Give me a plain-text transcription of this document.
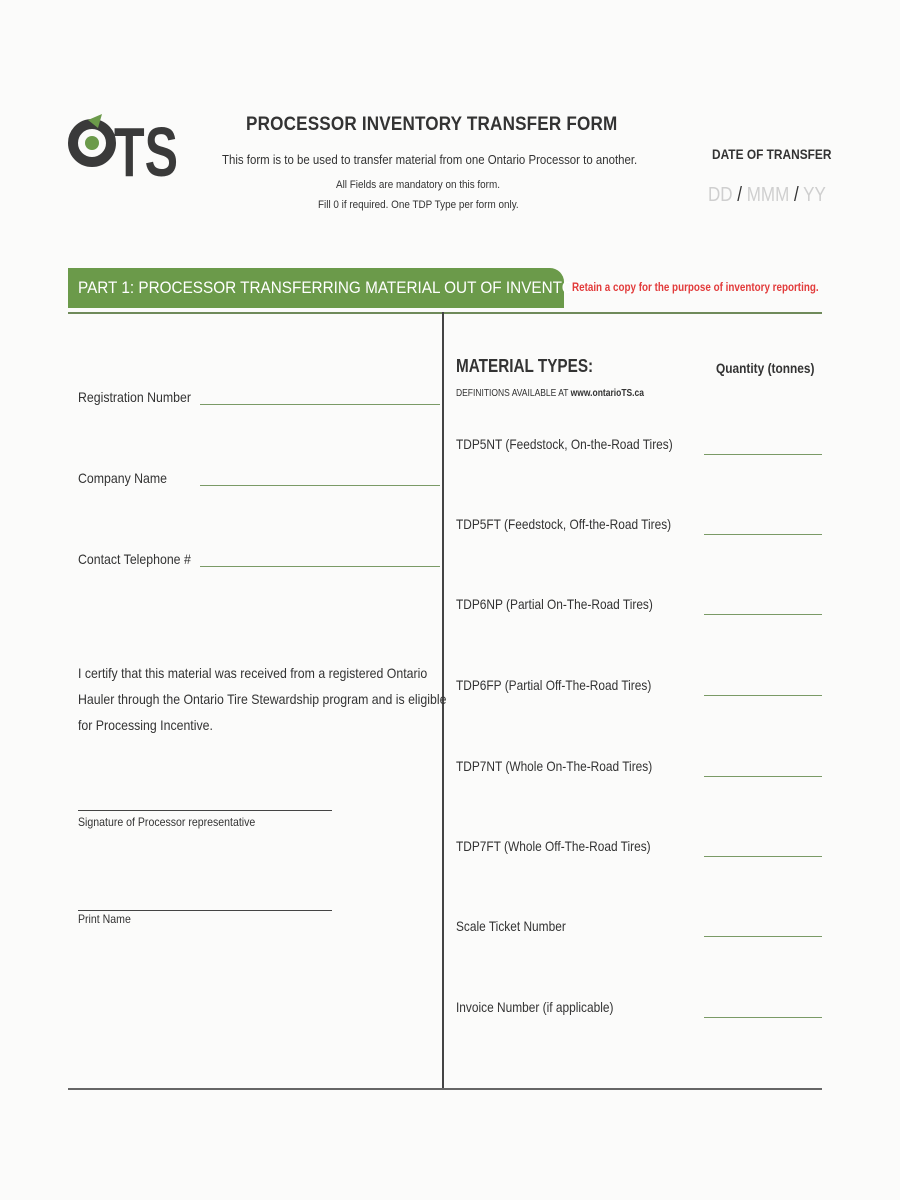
TS	PROCESSOR INVENTORY TRANSFER FORM
This form is to be used to transfer material from one Ontario Processor to another.
All Fields are mandatory on this form.
Fill 0 if required. One TDP Type per form only.
DATE OF TRANSFER
DD / MMM / YY
PART 1: PROCESSOR TRANSFERRING MATERIAL OUT OF INVENTORY
Retain a copy for the purpose of inventory reporting.
Registration Number
Company Name
Contact Telephone #
I certify that this material was received from a registered Ontario Hauler through the Ontario Tire Stewardship program and is eligible for Processing Incentive.
Signature of Processor representative
Print Name
MATERIAL TYPES:
DEFINITIONS AVAILABLE AT www.ontarioTS.ca
Quantity (tonnes)
TDP5NT (Feedstock, On-the-Road Tires)
TDP5FT (Feedstock, Off-the-Road Tires)
TDP6NP (Partial On-The-Road Tires)
TDP6FP (Partial Off-The-Road Tires)
TDP7NT (Whole On-The-Road Tires)
TDP7FT (Whole Off-The-Road Tires)
Scale Ticket Number
Invoice Number (if applicable)
